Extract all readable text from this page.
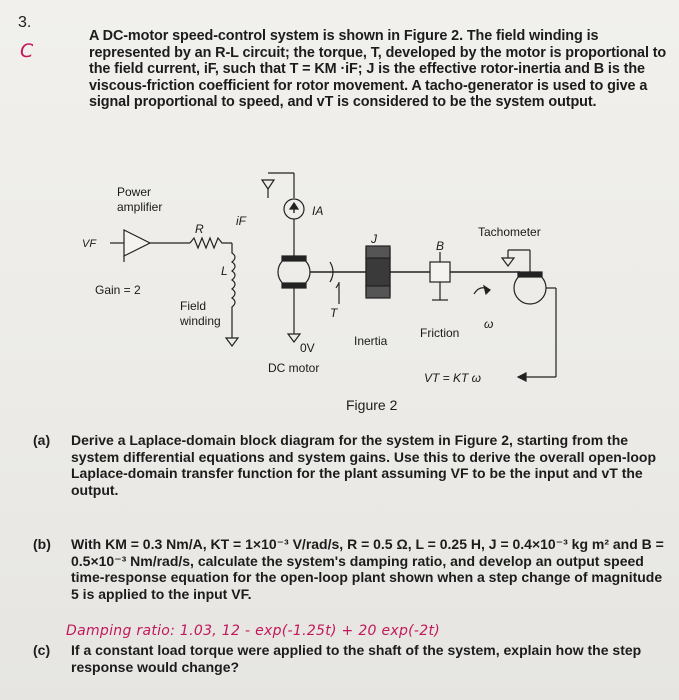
3.
C

A DC-motor speed-control system is shown in Figure 2. The field winding is represented by an R-L circuit; the torque, T, developed by the motor is proportional to the field current, iF, such that T = KM ·iF; J is the effective rotor-inertia and B is the viscous-friction coefficient for rotor movement. A tacho-generator is used to give a signal proportional to speed, and vT is considered to be the system output.

Power
amplifier
VF
Gain = 2
R
iF
L
Field
winding
IA
0V
T
DC motor
J
Inertia
B
Friction
Tachometer
ω
VT = KT ω
Figure 2
(a) Derive a Laplace-domain block diagram for the system in Figure 2, starting from the system differential equations and system gains. Use this to derive the overall open-loop Laplace-domain transfer function for the plant assuming VF to be the input and vT the output.
(b) With KM = 0.3 Nm/A, KT = 1×10⁻³ V/rad/s, R = 0.5 Ω, L = 0.25 H, J = 0.4×10⁻³ kg m² and B = 0.5×10⁻³ Nm/rad/s, calculate the system's damping ratio, and develop an output speed time-response equation for the open-loop plant shown when a step change of magnitude 5 is applied to the input VF.
Damping ratio: 1.03, 12 - exp(-1.25t) + 20 exp(-2t)
(c) If a constant load torque were applied to the shaft of the system, explain how the step response would change?
